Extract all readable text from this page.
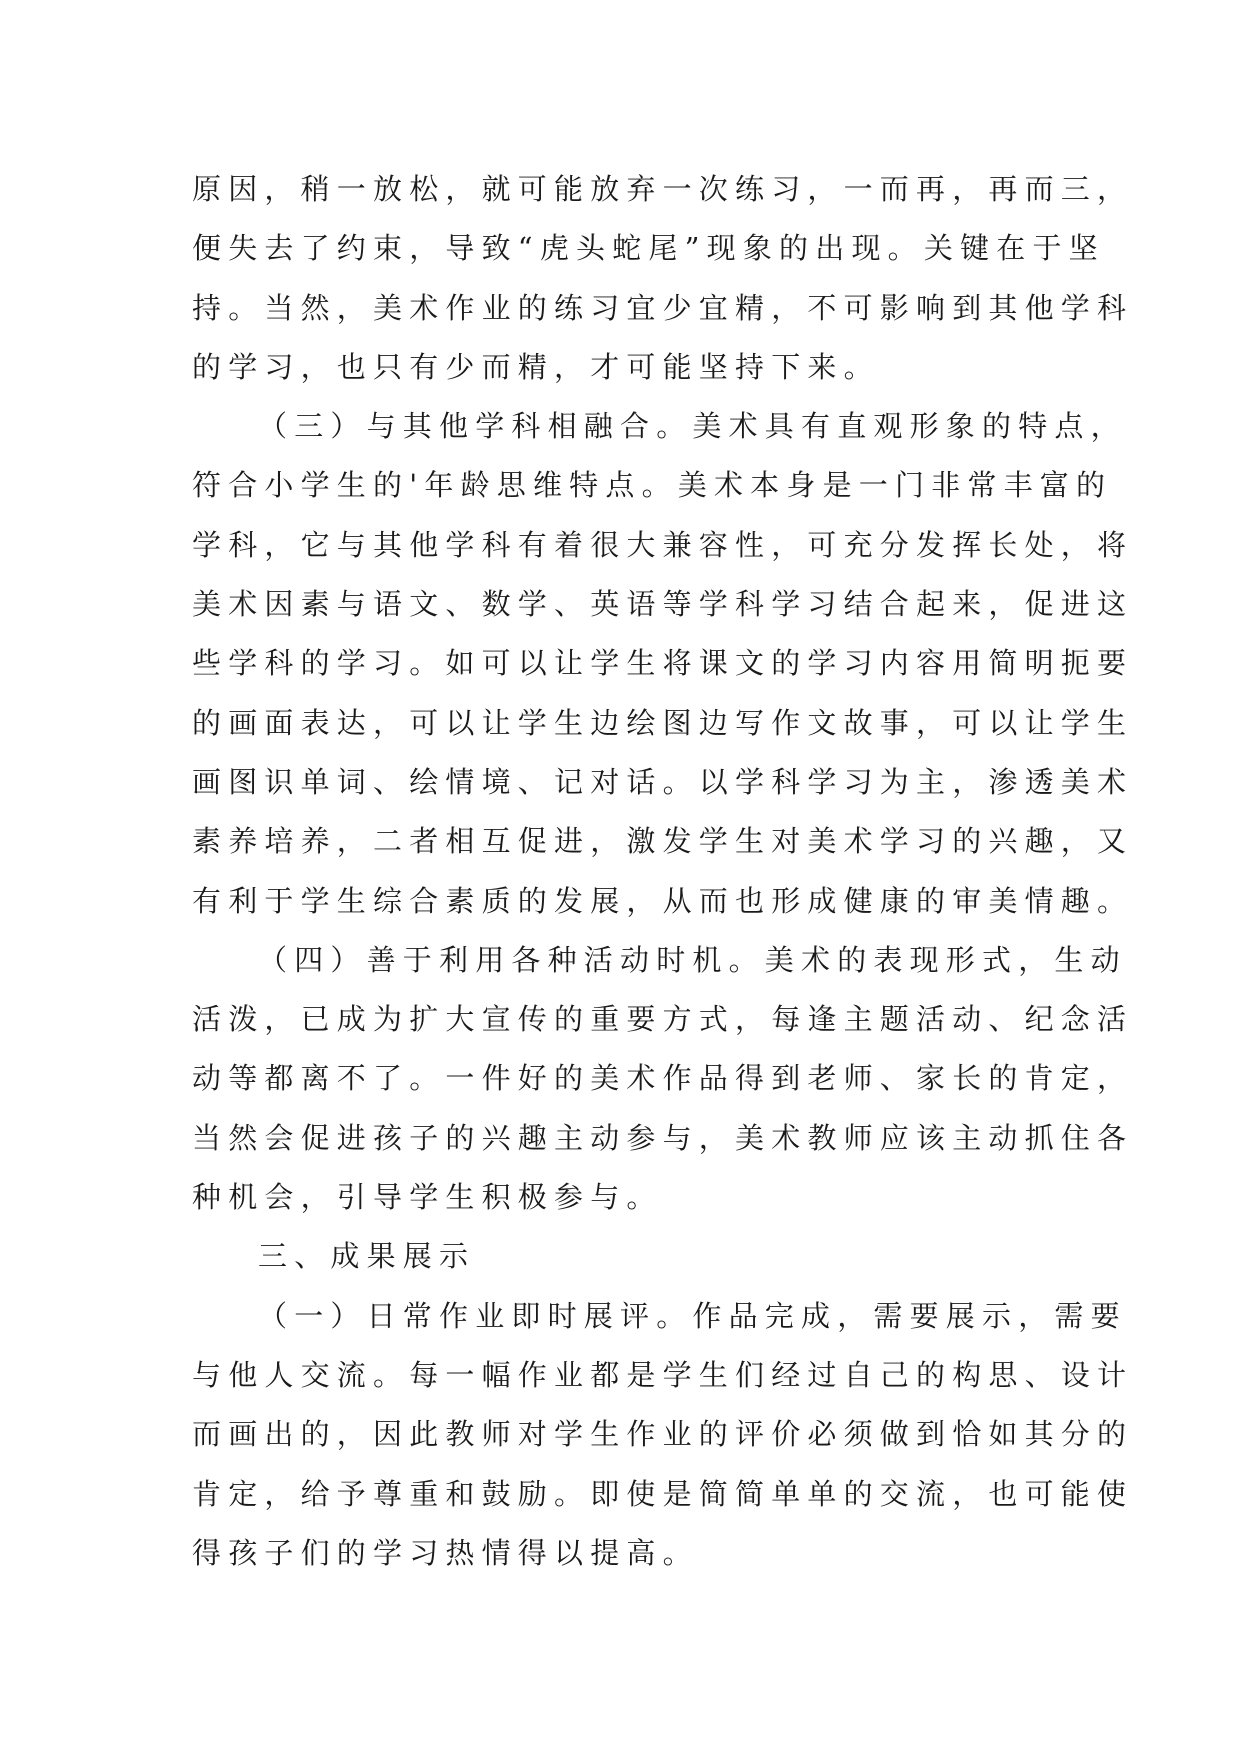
原因，稍一放松，就可能放弃一次练习，一而再，再而三，
便失去了约束，导致“虎头蛇尾”现象的出现。关键在于坚
持。当然，美术作业的练习宜少宜精，不可影响到其他学科
的学习，也只有少而精，才可能坚持下来。
（三）与其他学科相融合。美术具有直观形象的特点，
符合小学生的'年龄思维特点。美术本身是一门非常丰富的
学科，它与其他学科有着很大兼容性，可充分发挥长处，将
美术因素与语文、数学、英语等学科学习结合起来，促进这
些学科的学习。如可以让学生将课文的学习内容用简明扼要
的画面表达，可以让学生边绘图边写作文故事，可以让学生
画图识单词、绘情境、记对话。以学科学习为主，渗透美术
素养培养，二者相互促进，激发学生对美术学习的兴趣，又
有利于学生综合素质的发展，从而也形成健康的审美情趣。
（四）善于利用各种活动时机。美术的表现形式，生动
活泼，已成为扩大宣传的重要方式，每逢主题活动、纪念活
动等都离不了。一件好的美术作品得到老师、家长的肯定，
当然会促进孩子的兴趣主动参与，美术教师应该主动抓住各
种机会，引导学生积极参与。
三、成果展示
（一）日常作业即时展评。作品完成，需要展示，需要
与他人交流。每一幅作业都是学生们经过自己的构思、设计
而画出的，因此教师对学生作业的评价必须做到恰如其分的
肯定，给予尊重和鼓励。即使是简简单单的交流，也可能使
得孩子们的学习热情得以提高。
